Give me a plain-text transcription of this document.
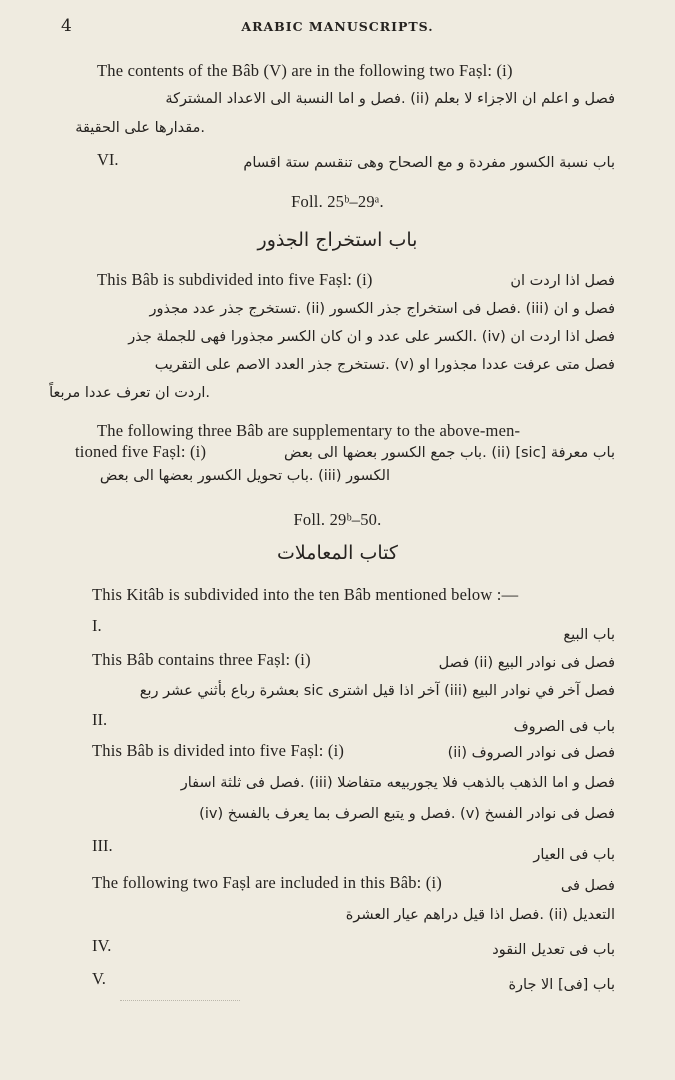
4	ARABIC MANUSCRIPTS.
The contents of the Bâb (V) are in the following two Faṣl: (i)
فصل و اعلم ان الاجزاء لا بعلم (ii) .فصل و اما النسبة الى الاعداد المشتركة
.مقدارها على الحقيقة
VI.	باب نسبة الكسور مفردة و مع الصحاح وهى تنقسم ستة اقسام
Foll. 25ᵇ–29ᵃ.
باب استخراج الجذور
This Bâb is subdivided into five Faṣl: (i)	فصل اذا اردت ان
فصل و ان (iii) .فصل فى استخراج جذر الكسور (ii) .تستخرج جذر عدد مجذور
فصل اذا اردت ان (iv) .الكسر على عدد و ان كان الكسر مجذورا فهى للجملة جذر
فصل متى عرفت عددا مجذورا او (v) .تستخرج جذر العدد الاصم على التقريب
.اردت ان تعرف عددا مربعاً
The following three Bâb are supplementary to the above-men-
tioned five Faṣl: (i)	باب معرفة [sic] (ii) .باب جمع الكسور بعضها الى بعض
الكسور (iii) .باب تحويل الكسور بعضها الى بعض
Foll. 29ᵇ–50.
كتاب المعاملات
This Kitâb is subdivided into the ten Bâb mentioned below :—
I.	باب البيع
This Bâb contains three Faṣl: (i)	فصل فى نوادر البيع (ii) فصل
فصل آخر في نوادر البيع (iii) آخر اذا قيل اشترى sic بعشرة رباع بأثني عشر ربع
II.	باب فى الصروف
This Bâb is divided into five Faṣl: (i)	فصل فى نوادر الصروف (ii)
فصل و اما الذهب بالذهب فلا يجوربيعه متفاضلا (iii) .فصل فى ثلثة اسفار
فصل فى نوادر الفسخ (v) .فصل و يتبع الصرف بما يعرف بالفسخ (iv)
III.	باب فى العيار
The following two Faṣl are included in this Bâb: (i)	فصل فى
التعديل (ii) .فصل اذا قيل دراهم عيار العشرة
IV.	باب فى تعديل النقود
V.	باب [فى] الا جارة
